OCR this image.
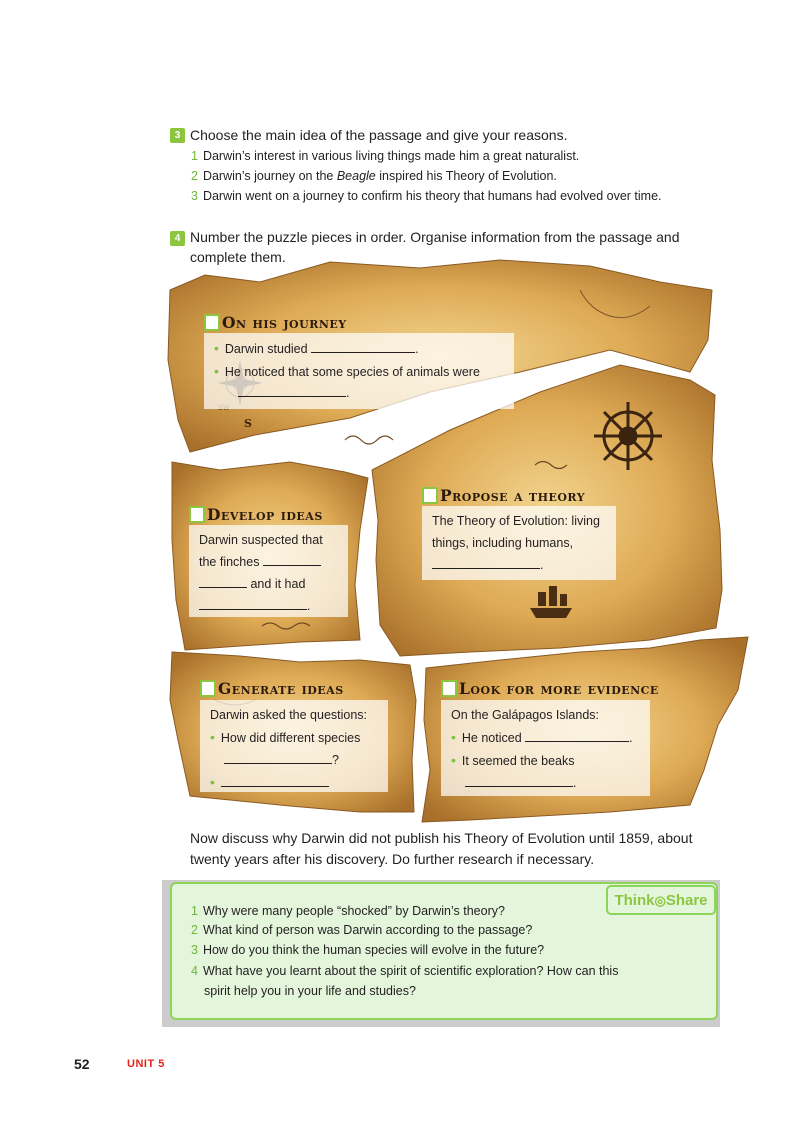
3 Choose the main idea of the passage and give your reasons.
1 Darwin’s interest in various living things made him a great naturalist.
2 Darwin’s journey on the Beagle inspired his Theory of Evolution.
3 Darwin went on a journey to confirm his theory that humans had evolved over time.
4 Number the puzzle pieces in order. Organise information from the passage and
complete them.
S
On his journey
• Darwin studied	.
• He noticed that some species of animals were
.
Develop ideas
Darwin suspected that
the finches
and it had
.
Propose a theory
The Theory of Evolution: living
things, including humans,
.
Generate ideas
Darwin asked the questions:
• How did different species
?
•
Look for more evidence
On the Galápagos Islands:
• He noticed	.
• It seemed the beaks
.
Now discuss why Darwin did not publish his Theory of Evolution until 1859, about
twenty years after his discovery. Do further research if necessary.
Think◎Share
1 Why were many people “shocked” by Darwin’s theory?
2 What kind of person was Darwin according to the passage?
3 How do you think the human species will evolve in the future?
4 What have you learnt about the spirit of scientific exploration? How can this
spirit help you in your life and studies?
52	UNIT 5
